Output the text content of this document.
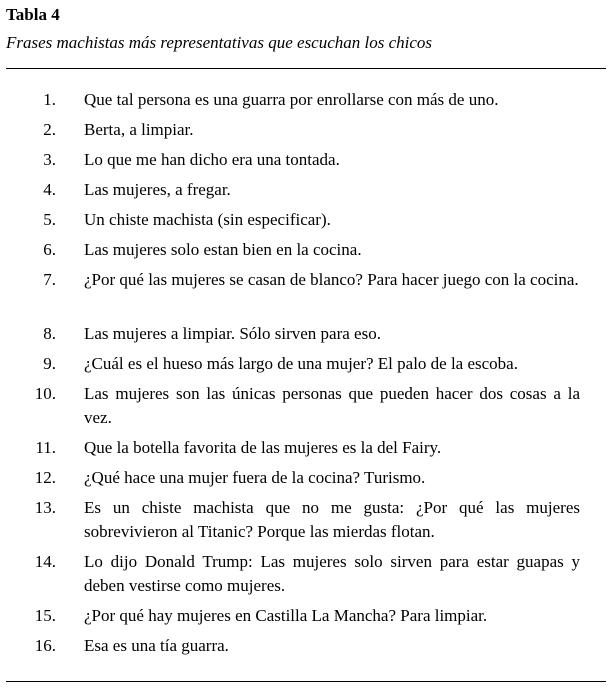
Tabla 4
Frases machistas más representativas que escuchan los chicos
1. Que tal persona es una guarra por enrollarse con más de uno.
2. Berta, a limpiar.
3. Lo que me han dicho era una tontada.
4. Las mujeres, a fregar.
5. Un chiste machista (sin especificar).
6. Las mujeres solo estan bien en la cocina.
7. ¿Por qué las mujeres se casan de blanco? Para hacer juego con la cocina.
8. Las mujeres a limpiar. Sólo sirven para eso.
9. ¿Cuál es el hueso más largo de una mujer? El palo de la escoba.
10. Las mujeres son las únicas personas que pueden hacer dos cosas a la vez.
11. Que la botella favorita de las mujeres es la del Fairy.
12. ¿Qué hace una mujer fuera de la cocina? Turismo.
13. Es un chiste machista que no me gusta: ¿Por qué las mujeres sobrevivieron al Titanic? Porque las mierdas flotan.
14. Lo dijo Donald Trump: Las mujeres solo sirven para estar guapas y deben vestirse como mujeres.
15. ¿Por qué hay mujeres en Castilla La Mancha? Para limpiar.
16. Esa es una tía guarra.
